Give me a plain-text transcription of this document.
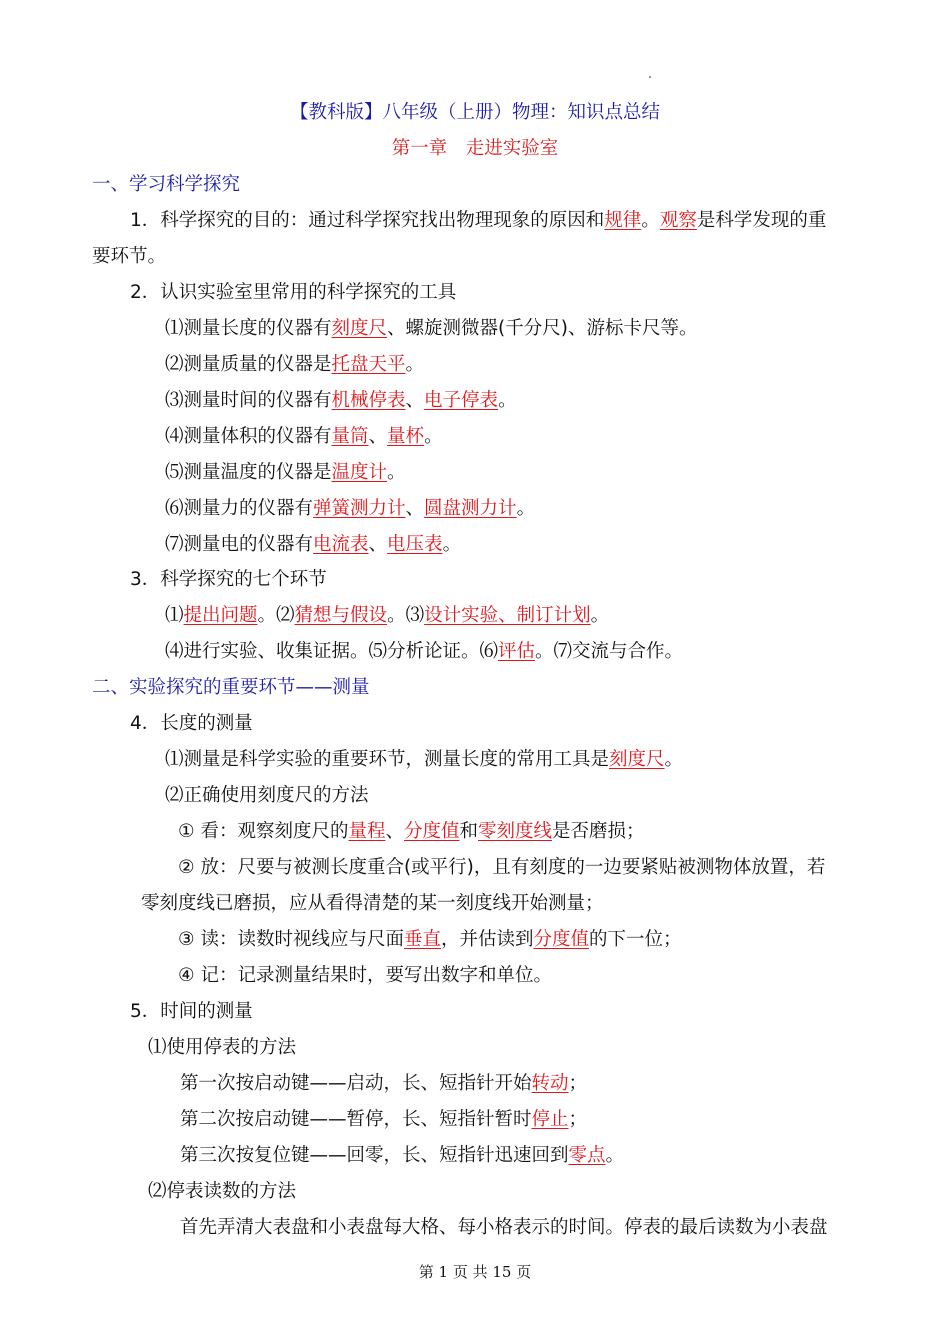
【教科版】八年级（上册）物理：知识点总结
第一章　走进实验室
一、学习科学探究
1．科学探究的目的：通过科学探究找出物理现象的原因和规律。观察是科学发现的重
要环节。
2．认识实验室里常用的科学探究的工具
⑴测量长度的仪器有刻度尺、螺旋测微器(千分尺)、游标卡尺等。
⑵测量质量的仪器是托盘天平。
⑶测量时间的仪器有机械停表、电子停表。
⑷测量体积的仪器有量筒、量杯。
⑸测量温度的仪器是温度计。
⑹测量力的仪器有弹簧测力计、圆盘测力计。
⑺测量电的仪器有电流表、电压表。
3．科学探究的七个环节
⑴提出问题。⑵猜想与假设。⑶设计实验、制订计划。
⑷进行实验、收集证据。⑸分析论证。⑹评估。⑺交流与合作。
二、实验探究的重要环节——测量
4．长度的测量
⑴测量是科学实验的重要环节，测量长度的常用工具是刻度尺。
⑵正确使用刻度尺的方法
① 看：观察刻度尺的量程、分度值和零刻度线是否磨损；
② 放：尺要与被测长度重合(或平行)，且有刻度的一边要紧贴被测物体放置，若
零刻度线已磨损，应从看得清楚的某一刻度线开始测量；
③ 读：读数时视线应与尺面垂直，并估读到分度值的下一位；
④ 记：记录测量结果时，要写出数字和单位。
5．时间的测量
⑴使用停表的方法
第一次按启动键——启动，长、短指针开始转动；
第二次按启动键——暂停，长、短指针暂时停止；
第三次按复位键——回零，长、短指针迅速回到零点。
⑵停表读数的方法
首先弄清大表盘和小表盘每大格、每小格表示的时间。停表的最后读数为小表盘
第 1 页 共 15 页
